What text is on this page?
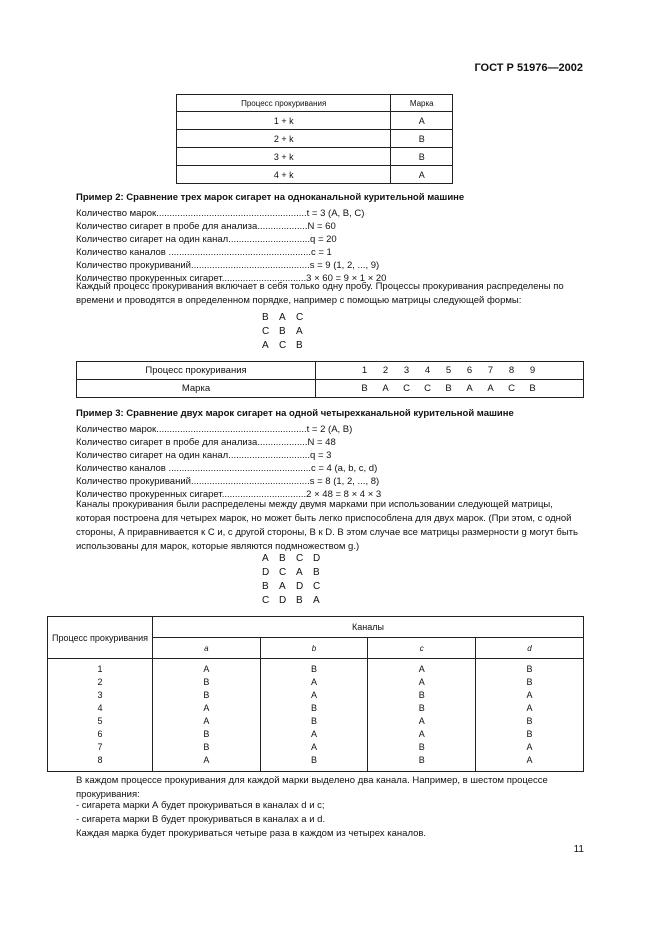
ГОСТ Р 51976—2002
Процесс прокуривания	Марка
1 + k	A
2 + k	B
3 + k	B
4 + k	A
Пример 2: Сравнение трех марок сигарет на одноканальной курительной машине
Количество марок.........................................................t = 3 (A, B, C)
Количество сигарет в пробе для анализа...................N = 60
Количество сигарет на один канал...............................q = 20
Количество каналов ......................................................c = 1
Количество прокуриваний.............................................s = 9 (1, 2, ..., 9)
Количество прокуренных сигарет................................3 × 60 = 9 × 1 × 20
Каждый процесс прокуривания включает в себя только одну пробу. Процессы прокуривания распределены по времени и проводятся в определенном порядке, например с помощью матрицы следующей формы:
B A C
C B A
A C B
Процесс прокуривания	1 2 3 4 5 6 7 8 9
Марка	B A C C B A A C B
Пример 3: Сравнение двух марок сигарет на одной четырехканальной курительной машине
Количество марок.........................................................t = 2 (A, B)
Количество сигарет в пробе для анализа...................N = 48
Количество сигарет на один канал...............................q = 3
Количество каналов ......................................................c = 4 (a, b, c, d)
Количество прокуриваний.............................................s = 8 (1, 2, ..., 8)
Количество прокуренных сигарет................................2 × 48 = 8 × 4 × 3
Каналы прокуривания были распределены между двумя марками при использовании следующей матрицы, которая построена для четырех марок, но может быть легко приспособлена для двух марок. (При этом, с одной стороны, А приравнивается к С и, с другой стороны, В к D. В этом случае все матрицы размерности g могут быть использованы для марок, которые являются подмножеством g.)
A B C D
D C A B
B A D C
C D B A
Процесс прокуривания	Каналы			
	a	b	c	d
1	A	B	A	B
2	B	A	A	B
3	B	A	B	A
4	A	B	B	A
5	A	B	A	B
6	B	A	A	B
7	B	A	B	A
8	A	B	B	A
В каждом процессе прокуривания для каждой марки выделено два канала. Например, в шестом процессе прокуривания:
- сигарета марки А будет прокуриваться в каналах d и c;
- сигарета марки В будет прокуриваться в каналах a и d.
Каждая марка будет прокуриваться четыре раза в каждом из четырех каналов.
11
